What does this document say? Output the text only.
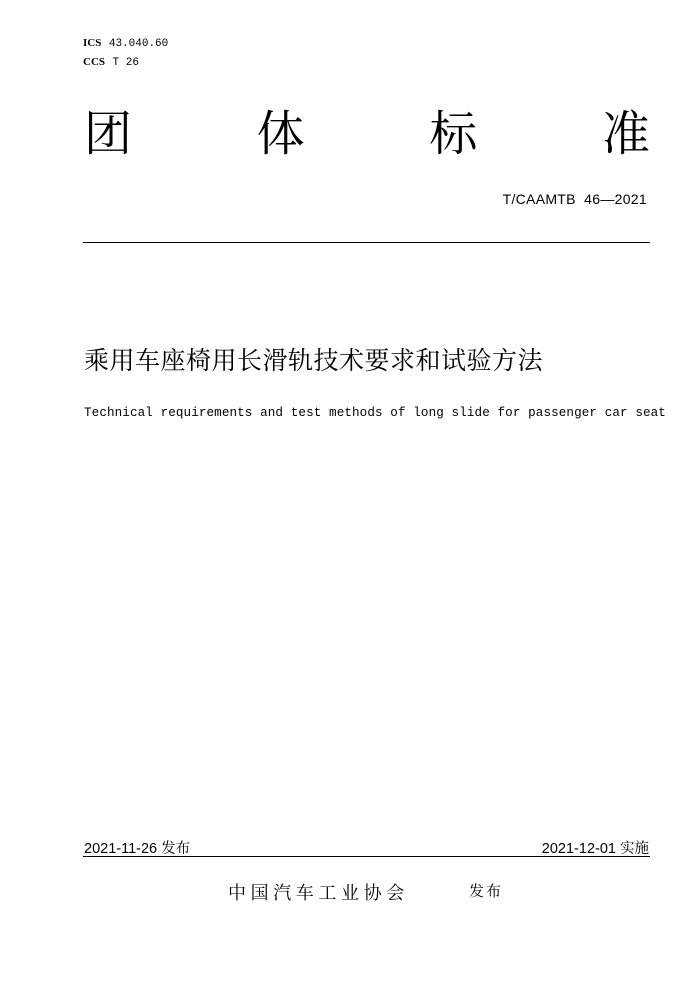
ICS 43.040.60
CCS T 26
团	体	标	准
T/CAAMTB  46—2021
乘用车座椅用长滑轨技术要求和试验方法
Technical requirements and test methods of long slide for passenger car seat
2021-11-26 发布	2021-12-01 实施
中国汽车工业协会	发布
